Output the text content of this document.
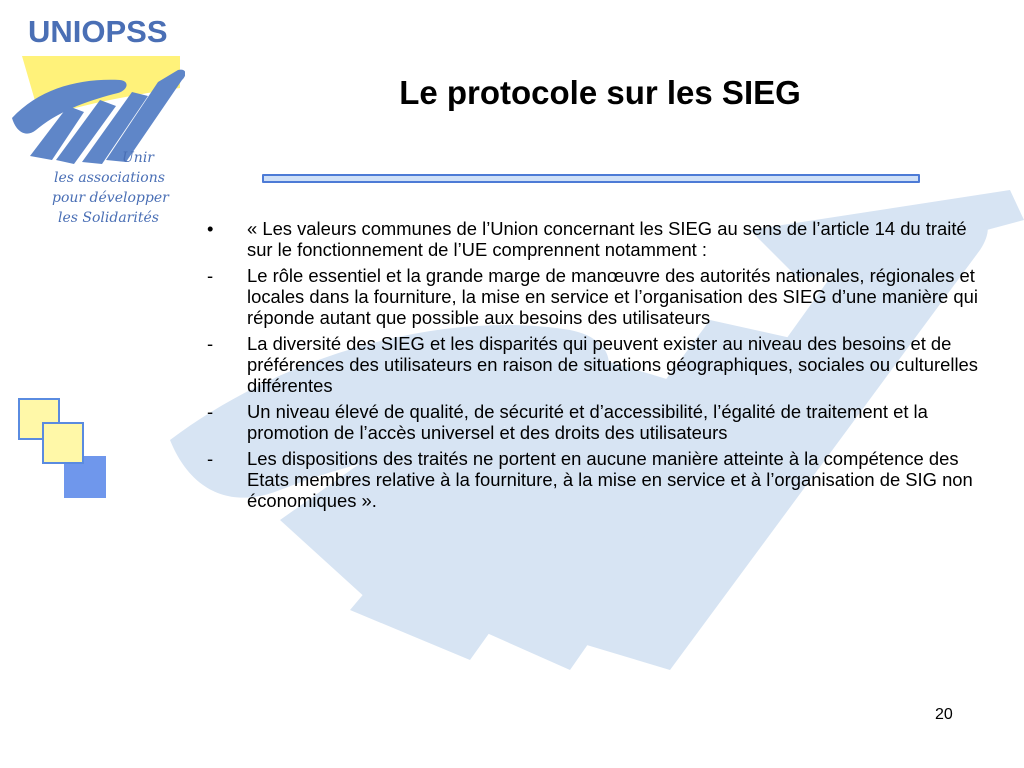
UNIOPSS
Unir
les associations
pour développer
les Solidarités
Le protocole sur les SIEG
•	« Les valeurs communes de l’Union concernant les SIEG au sens de l’article 14 du traité sur le fonctionnement de l’UE comprennent notamment :
-	Le rôle essentiel et la grande marge de manœuvre des autorités nationales, régionales et locales dans la fourniture, la mise en service et l’organisation des SIEG d’une manière qui réponde autant que possible aux besoins des utilisateurs
-	La diversité des SIEG et les disparités qui peuvent exister au niveau des besoins et de préférences des utilisateurs en raison de situations géographiques, sociales ou culturelles différentes
-	Un niveau élevé de qualité, de sécurité et d’accessibilité, l’égalité de traitement et la promotion de l’accès universel et des droits des utilisateurs
-	Les dispositions des traités ne portent en aucune manière atteinte à la compétence des Etats membres relative à la fourniture, à la mise en service et à l’organisation de SIG non économiques ».
20
